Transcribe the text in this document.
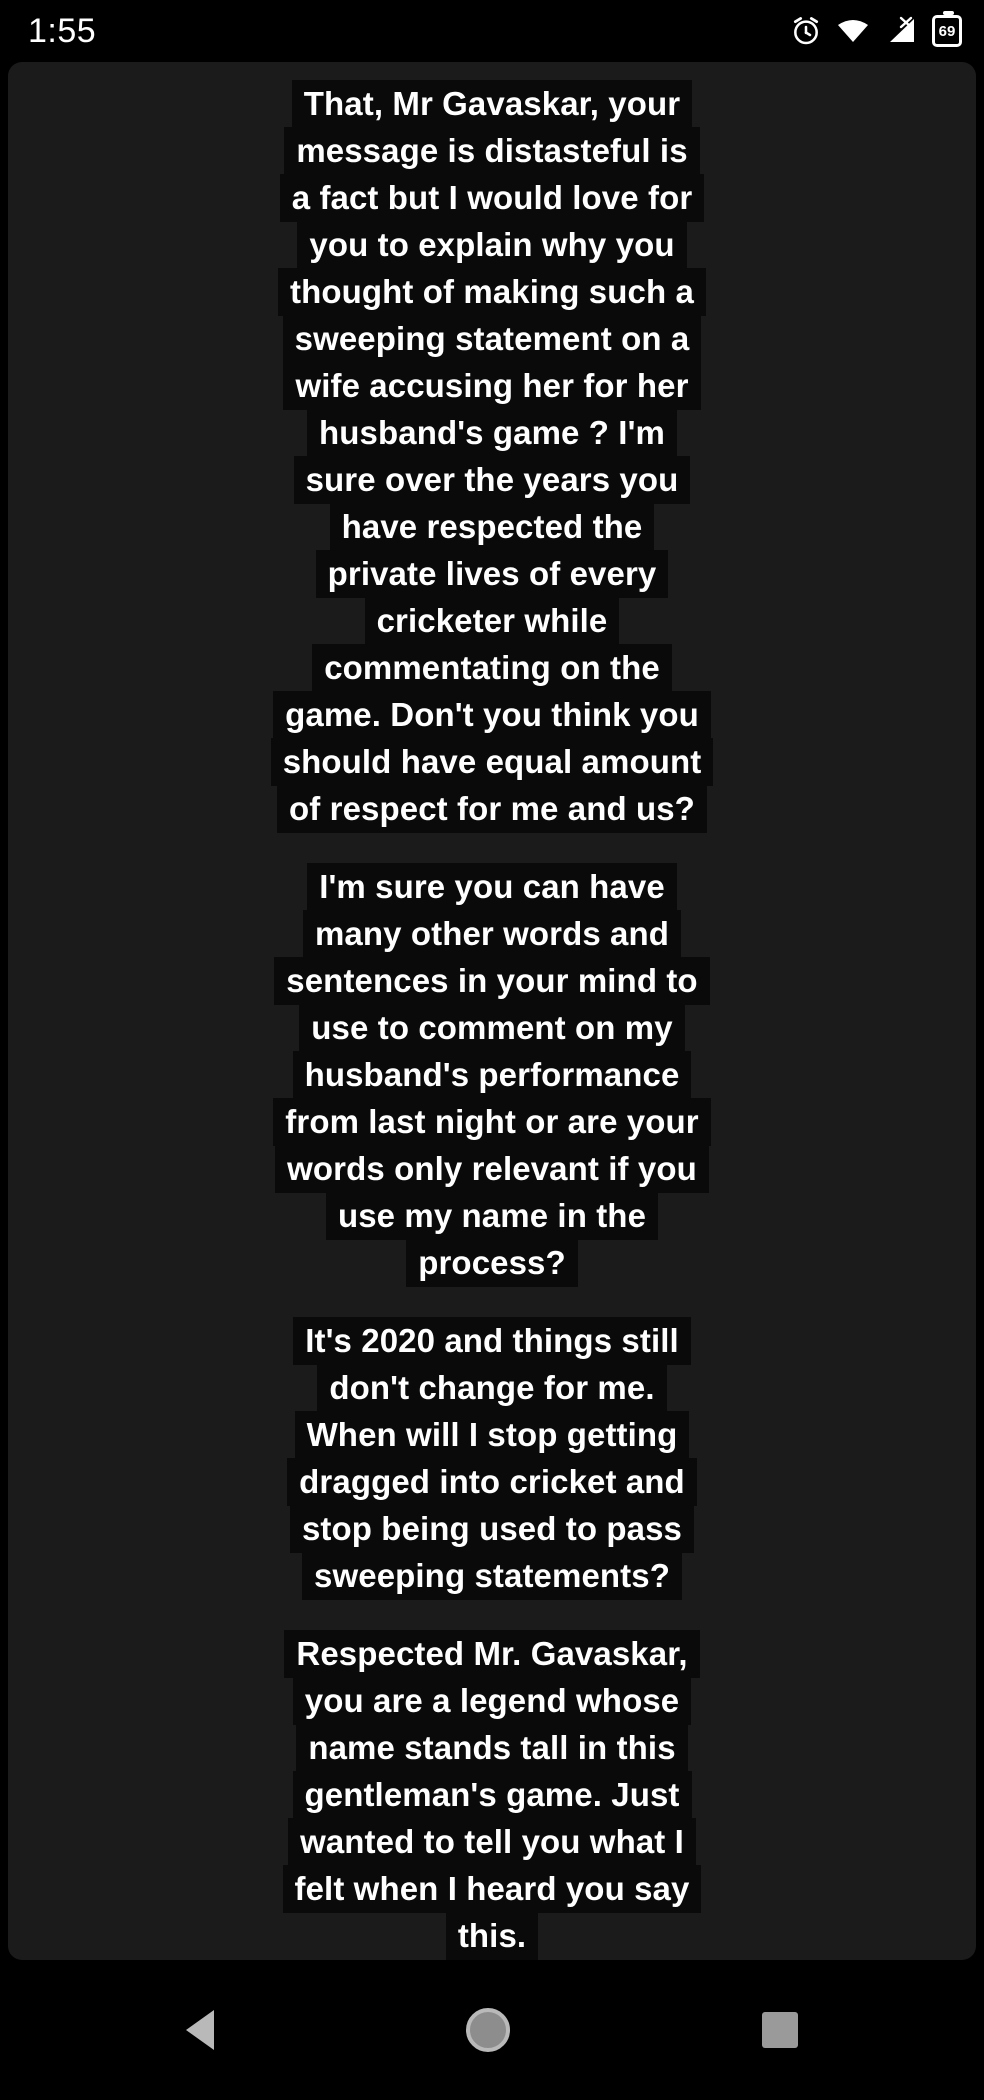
1:55	69
That, Mr Gavaskar, your
message is distasteful is
a fact but I would love for
you to explain why you
thought of making such a
sweeping statement on a
wife accusing her for her
husband's game ? I'm
sure over the years you
have respected the
private lives of every
cricketer while
commentating on the
game. Don't you think you
should have equal amount
of respect for me and us?
I'm sure you can have
many other words and
sentences in your mind to
use to comment on my
husband's performance
from last night or are your
words only relevant if you
use my name in the
process?
It's 2020 and things still
don't change for me.
When will I stop getting
dragged into cricket and
stop being used to pass
sweeping statements?
Respected Mr. Gavaskar,
you are a legend whose
name stands tall in this
gentleman's game. Just
wanted to tell you what I
felt when I heard you say
this.
